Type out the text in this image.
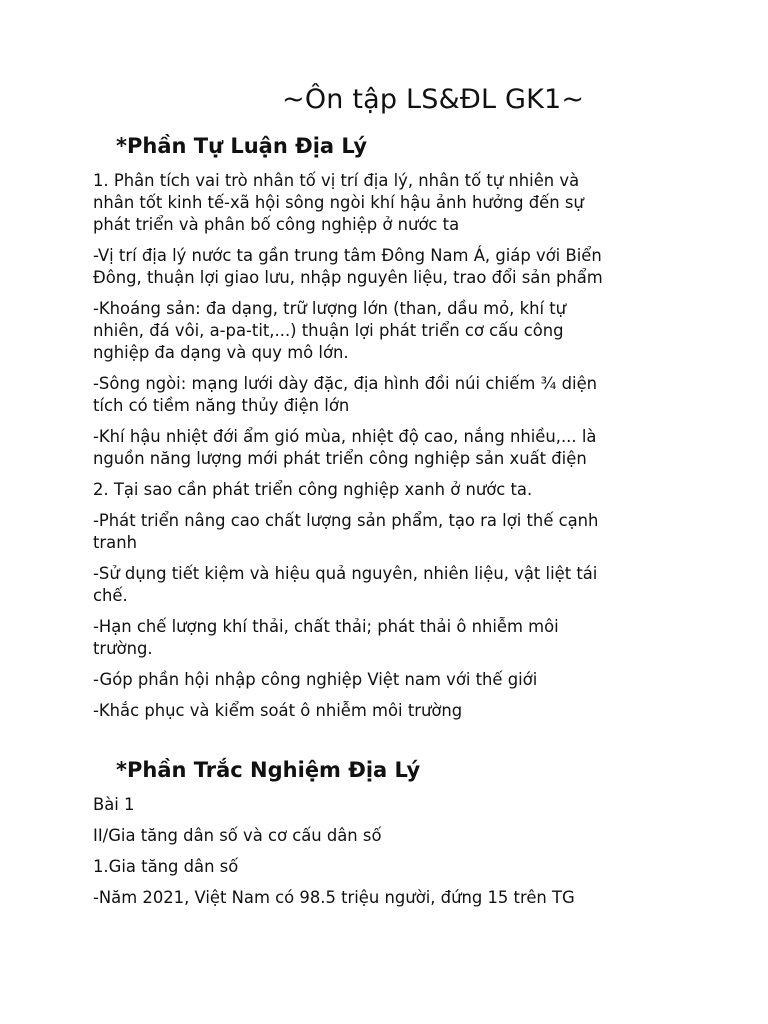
~Ôn tập LS&ĐL GK1~
*Phần Tự Luận Địa Lý

1. Phân tích vai trò nhân tố vị trí địa lý, nhân tố tự nhiên và
nhân tốt kinh tế-xã hội sông ngòi khí hậu ảnh hưởng đến sự
phát triển và phân bố công nghiệp ở nước ta

-Vị trí địa lý nước ta gần trung tâm Đông Nam Á, giáp với Biển
Đông, thuận lợi giao lưu, nhập nguyên liệu, trao đổi sản phẩm

-Khoáng sản: đa dạng, trữ lượng lớn (than, dầu mỏ, khí tự
nhiên, đá vôi, a-pa-tit,...) thuận lợi phát triển cơ cấu công
nghiệp đa dạng và quy mô lớn.

-Sông ngòi: mạng lưới dày đặc, địa hình đồi núi chiếm ¾ diện
tích có tiềm năng thủy điện lớn

-Khí hậu nhiệt đới ẩm gió mùa, nhiệt độ cao, nắng nhiều,... là
nguồn năng lượng mới phát triển công nghiệp sản xuất điện

2. Tại sao cần phát triển công nghiệp xanh ở nước ta.

-Phát triển nâng cao chất lượng sản phẩm, tạo ra lợi thế cạnh
tranh

-Sử dụng tiết kiệm và hiệu quả nguyên, nhiên liệu, vật liệt tái
chế.

-Hạn chế lượng khí thải, chất thải; phát thải ô nhiễm môi
trường.

-Góp phần hội nhập công nghiệp Việt nam với thế giới

-Khắc phục và kiểm soát ô nhiễm môi trường

*Phần Trắc Nghiệm Địa Lý

Bài 1

II/Gia tăng dân số và cơ cấu dân số

1.Gia tăng dân số

-Năm 2021, Việt Nam có 98.5 triệu người, đứng 15 trên TG
